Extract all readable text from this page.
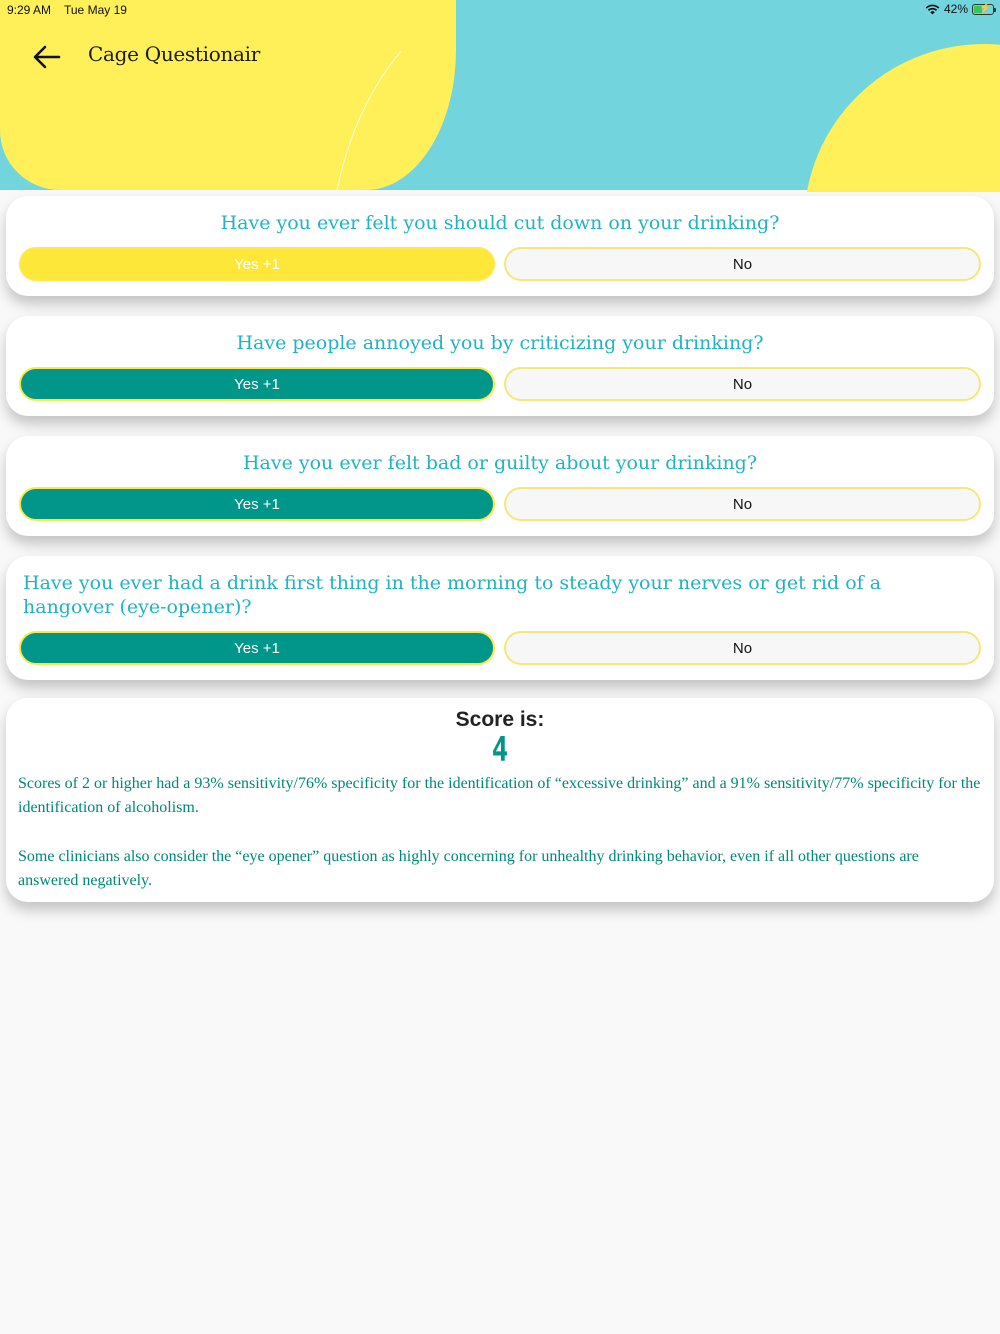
9:29 AM Tue May 19	42% ⚡
Cage Questionair
Have you ever felt you should cut down on your drinking?
Yes +1	No
Have people annoyed you by criticizing your drinking?
Yes +1	No
Have you ever felt bad or guilty about your drinking?
Yes +1	No
Have you ever had a drink first thing in the morning to steady your nerves or get rid of a hangover (eye-opener)?
Yes +1	No
Score is:
4
Scores of 2 or higher had a 93% sensitivity/76% specificity for the identification of “excessive drinking” and a 91% sensitivity/77% specificity for the identification of alcoholism.
Some clinicians also consider the “eye opener” question as highly concerning for unhealthy drinking behavior, even if all other questions are answered negatively.
